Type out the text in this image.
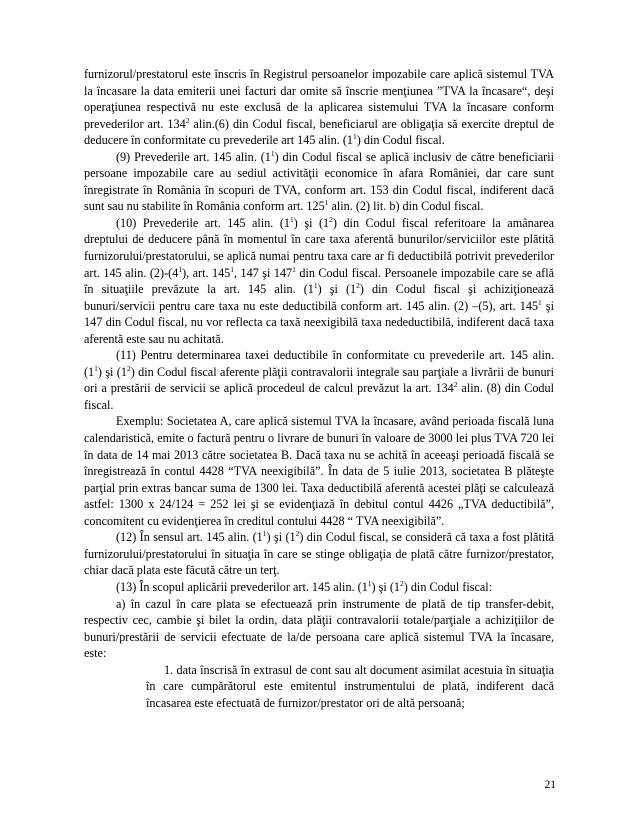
furnizorul/prestatorul este înscris în Registrul persoanelor impozabile care aplică sistemul TVA la încasare la data emiterii unei facturi dar omite să înscrie menţiunea ”TVA la încasare“, deşi operaţiunea respectivă nu este exclusă de la aplicarea sistemului TVA la încasare conform prevederilor art. $134^2$ alin.(6) din Codul fiscal, beneficiarul are obligaţia să exercite dreptul de deducere în conformitate cu prevederile art 145 alin. $(1^1)$ din Codul fiscal.

(9) Prevederile art. 145 alin. $(1^1)$ din Codul fiscal se aplică inclusiv de către beneficiarii persoane impozabile care au sediul activităţii economice în afara României, dar care sunt înregistrate în România în scopuri de TVA, conform art. 153 din Codul fiscal, indiferent dacă sunt sau nu stabilite în România conform art. $125^1$ alin. (2) lit. b) din Codul fiscal.

(10) Prevederile art. 145 alin. $(1^1)$ şi $(1^2)$ din Codul fiscal referitoare la amânarea dreptului de deducere până în momentul în care taxa aferentă bunurilor/serviciilor este plătită furnizorului/prestatorului, se aplică numai pentru taxa care ar fi deductibilă potrivit prevederilor art. 145 alin. $(2)-(4^1)$, art. $145^1$, 147 şi $147^1$ din Codul fiscal. Persoanele impozabile care se află în situaţiile prevăzute la art. 145 alin. $(1^1)$ şi $(1^2)$ din Codul fiscal şi achiziţionează bunuri/servicii pentru care taxa nu este deductibilă conform art. 145 alin. (2) –(5), art. $145^1$ şi 147 din Codul fiscal, nu vor reflecta ca taxă neexigibilă taxa nedeductibilă, indiferent dacă taxa aferentă este sau nu achitată.

(11) Pentru determinarea taxei deductibile în conformitate cu prevederile art. 145 alin. $(1^1)$ şi $(1^2)$ din Codul fiscal aferente plăţii contravalorii integrale sau parţiale a livrării de bunuri ori a prestării de servicii se aplică procedeul de calcul prevăzut la art. $134^2$ alin. (8) din Codul fiscal.

Exemplu: Societatea A, care aplică sistemul TVA la încasare, având perioada fiscală luna calendaristică, emite o factură pentru o livrare de bunuri în valoare de 3000 lei plus TVA 720 lei în data de 14 mai 2013 către societatea B. Dacă taxa nu se achită în aceeaşi perioadă fiscală se înregistrează în contul 4428 “TVA neexigibilă”. În data de 5 iulie 2013, societatea B plăteşte parţial prin extras bancar suma de 1300 lei. Taxa deductibilă aferentă acestei plăţi se calculează astfel: 1300 x 24/124 = 252 lei şi se evidenţiază în debitul contul 4426 „TVA deductibilă”, concomitent cu evidenţierea în creditul contului 4428 “ TVA neexigibilă”.

(12) În sensul art. 145 alin. $(1^1)$ şi $(1^2)$ din Codul fiscal, se consideră că taxa a fost plătită furnizorului/prestatorului în situaţia în care se stinge obligaţia de plată către furnizor/prestator, chiar dacă plata este făcută către un terţ.

(13) În scopul aplicării prevederilor art. 145 alin. $(1^1)$ şi $(1^2)$ din Codul fiscal:

a) în cazul în care plata se efectuează prin instrumente de plată de tip transfer-debit, respectiv cec, cambie şi bilet la ordin, data plăţii contravalorii totale/parţiale a achiziţiilor de bunuri/prestării de servicii efectuate de la/de persoana care aplică sistemul TVA la încasare, este:

1. data înscrisă în extrasul de cont sau alt document asimilat acestuia în situaţia în care cumpărătorul este emitentul instrumentului de plată, indiferent dacă încasarea este efectuată de furnizor/prestator ori de altă persoană;

21
